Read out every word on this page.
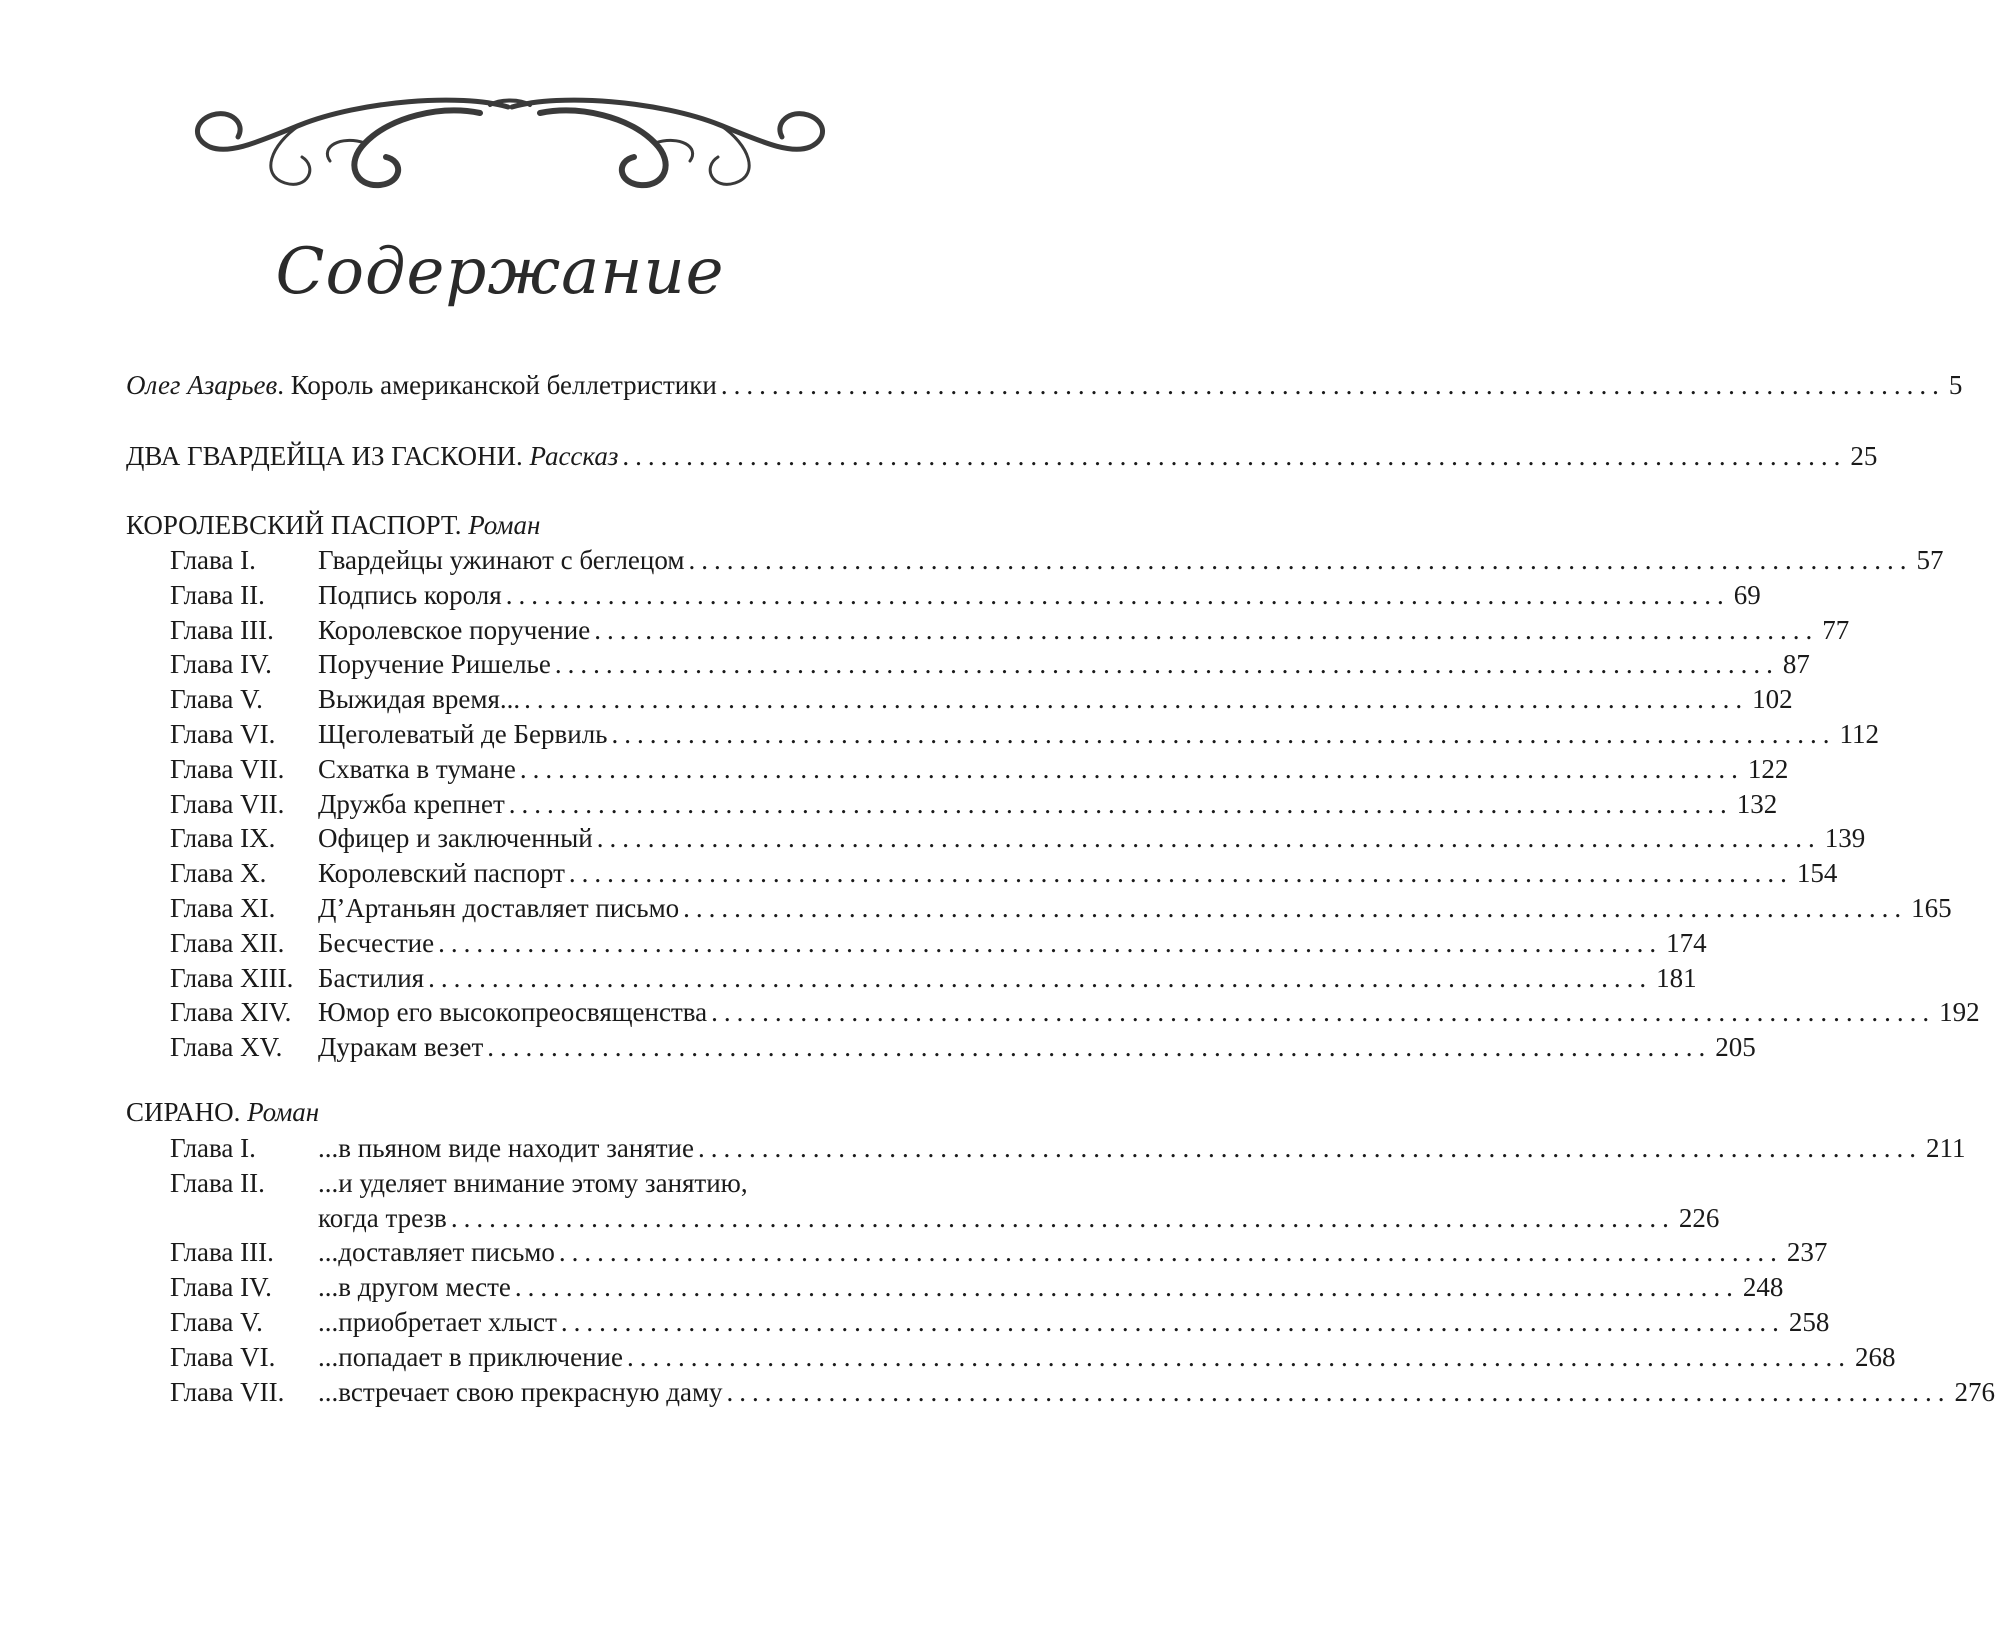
Содержание
Олег Азарьев. Король американской беллетристики ................................................................................................ 5
ДВА ГВАРДЕЙЦА ИЗ ГАСКОНИ. Рассказ ................................................................................................ 25
КОРОЛЕВСКИЙ ПАСПОРТ.
Роман
Глава I.	Гвардейцы ужинают с беглецом ................................................................................................ 57
Глава II.	Подпись короля ................................................................................................ 69
Глава III.	Королевское поручение ................................................................................................ 77
Глава IV.	Поручение Ришелье ................................................................................................ 87
Глава V.	Выжидая время... ................................................................................................ 102
Глава VI.	Щеголеватый де Бервиль ................................................................................................ 112
Глава VII.	Схватка в тумане ................................................................................................ 122
Глава VII.	Дружба крепнет ................................................................................................ 132
Глава IX.	Офицер и заключенный ................................................................................................ 139
Глава X.	Королевский паспорт ................................................................................................ 154
Глава XI.	Д’Артаньян доставляет письмо ................................................................................................ 165
Глава XII.	Бесчестие ................................................................................................ 174
Глава XIII. Бастилия ................................................................................................ 181
Глава XIV. Юмор его высокопреосвященства ................................................................................................ 192
Глава XV.	Дуракам везет ................................................................................................ 205
СИРАНО.
Роман
Глава I.	...в пьяном виде находит занятие ................................................................................................ 211
Глава II.	...и уделяет внимание этому занятию,
когда трезв ................................................................................................ 226
Глава III.	...доставляет письмо ................................................................................................ 237
Глава IV.	...в другом месте ................................................................................................ 248
Глава V.	...приобретает хлыст ................................................................................................ 258
Глава VI.	...попадает в приключение ................................................................................................ 268
Глава VII.	...встречает свою прекрасную даму ................................................................................................ 276
